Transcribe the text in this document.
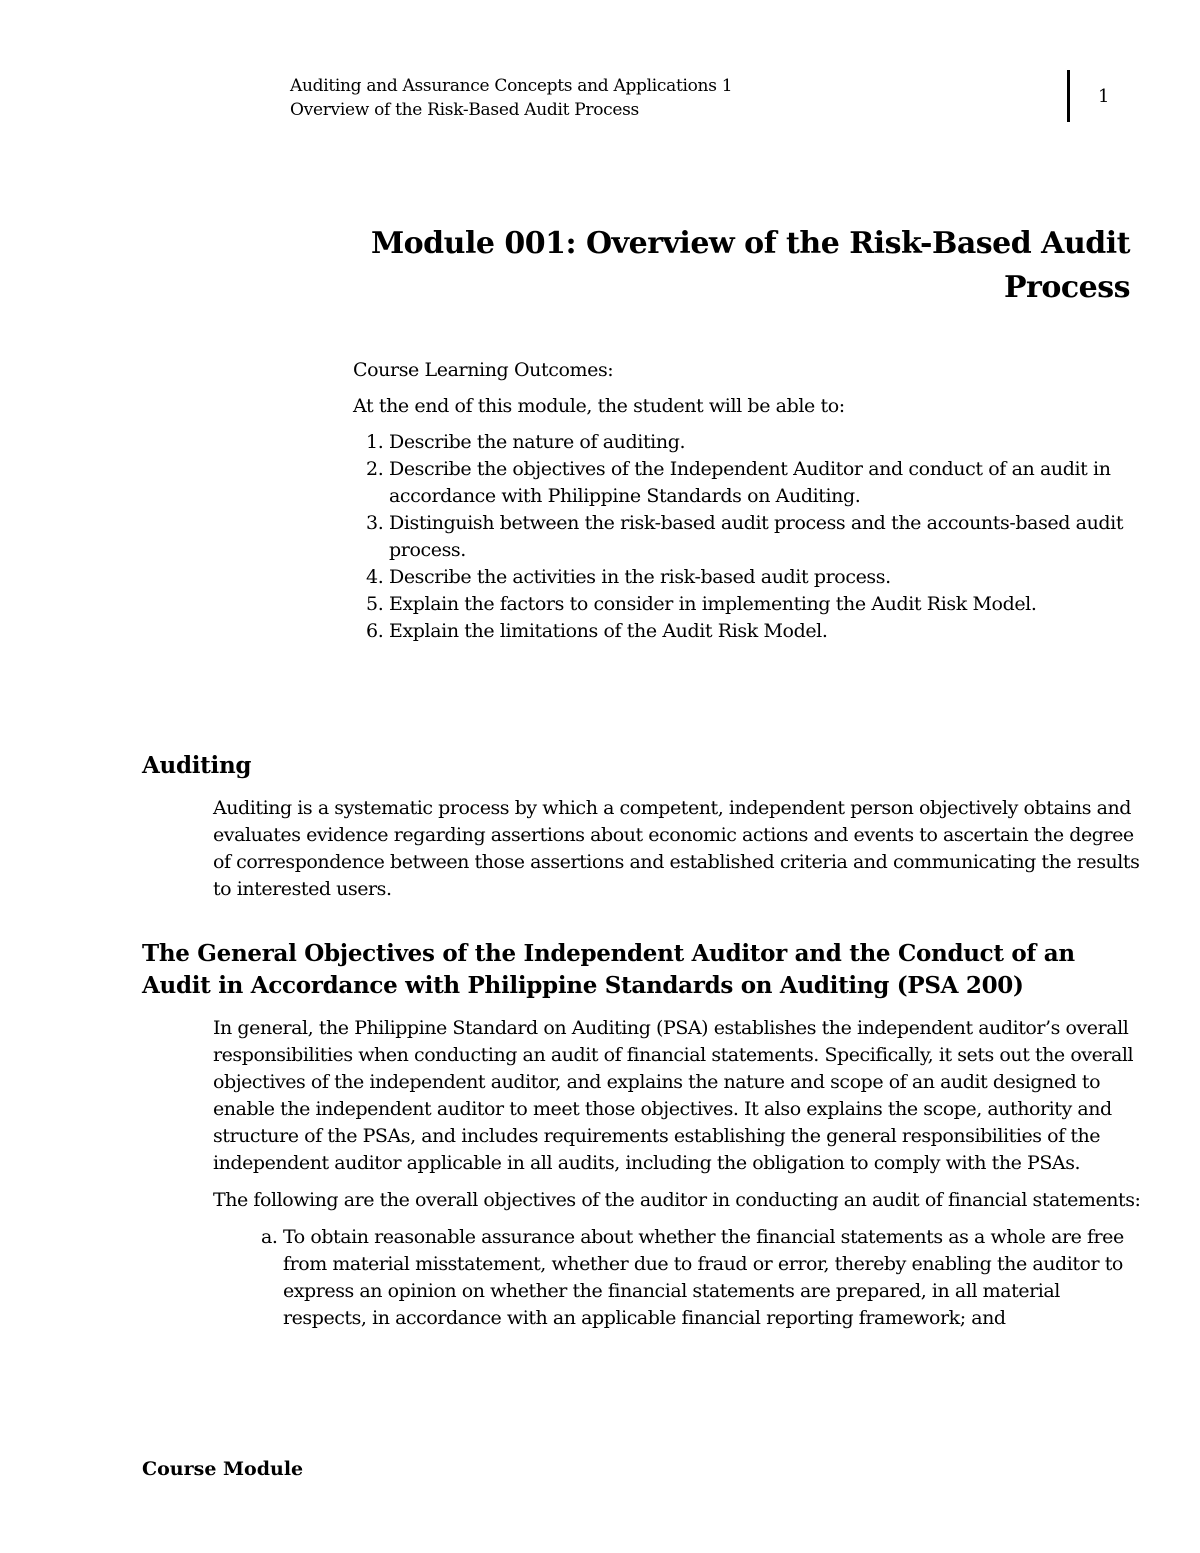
Auditing and Assurance Concepts and Applications 1
Overview of the Risk-Based Audit Process
1
Module 001: Overview of the Risk-Based Audit
Process

Course Learning Outcomes:

At the end of this module, the student will be able to:

1. Describe the nature of auditing.
2. Describe the objectives of the Independent Auditor and conduct of an audit in accordance with Philippine Standards on Auditing.
3. Distinguish between the risk-based audit process and the accounts-based audit process.
4. Describe the activities in the risk-based audit process.
5. Explain the factors to consider in implementing the Audit Risk Model.
6. Explain the limitations of the Audit Risk Model.
Auditing

Auditing is a systematic process by which a competent, independent person objectively obtains and evaluates evidence regarding assertions about economic actions and events to ascertain the degree of correspondence between those assertions and established criteria and communicating the results to interested users.

The General Objectives of the Independent Auditor and the Conduct of an Audit in Accordance with Philippine Standards on Auditing (PSA 200)

In general, the Philippine Standard on Auditing (PSA) establishes the independent auditor’s overall responsibilities when conducting an audit of financial statements. Specifically, it sets out the overall objectives of the independent auditor, and explains the nature and scope of an audit designed to enable the independent auditor to meet those objectives. It also explains the scope, authority and structure of the PSAs, and includes requirements establishing the general responsibilities of the independent auditor applicable in all audits, including the obligation to comply with the PSAs.

The following are the overall objectives of the auditor in conducting an audit of financial statements:

a. To obtain reasonable assurance about whether the financial statements as a whole are free from material misstatement, whether due to fraud or error, thereby enabling the auditor to express an opinion on whether the financial statements are prepared, in all material respects, in accordance with an applicable financial reporting framework; and
Course Module
